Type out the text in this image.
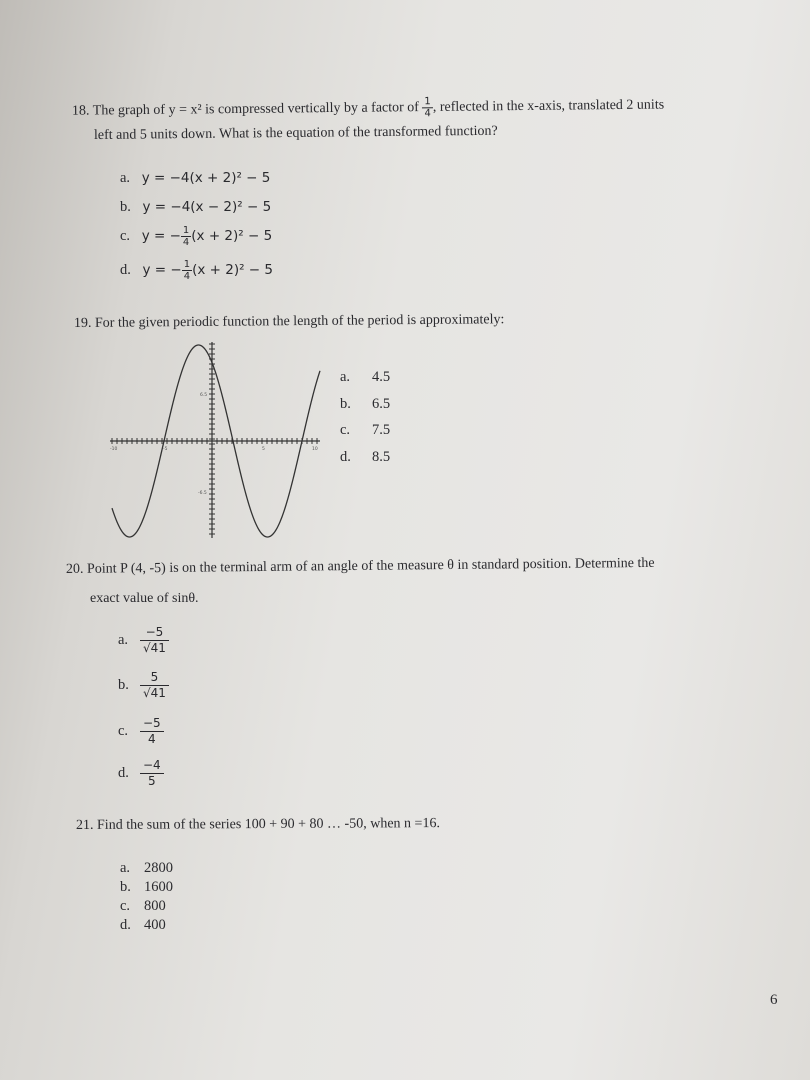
18. The graph of y = x² is compressed vertically by a factor of $\frac{1}{4}$ , reflected in the x-axis, translated 2 units
left and 5 units down. What is the equation of the transformed function?
a. y = −4(x + 2)² − 5
b. y = −4(x − 2)² − 5
c. y = − $\frac{1}{4} (x + 2)^2 - 5$
d. y = − $\frac{1}{4} (x + 2)^2 - 5$
19. For the given periodic function the length of the period is approximately:
6.5
-6.5
-10	-5	5	10
a. 4.5
b. 6.5
c. 7.5
d. 8.5
20. Point P (4, -5) is on the terminal arm of an angle of the measure θ in standard position. Determine the
exact value of sinθ.
a. $\frac{-5}{√41}$
b. $\frac{5}{√41}$
c. $\frac{-5}{4}$
d. $\frac{-4}{5}$
21. Find the sum of the series 100 + 90 + 80 … -50, when n =16.
a. 2800
b. 1600
c. 800
d. 400
6
